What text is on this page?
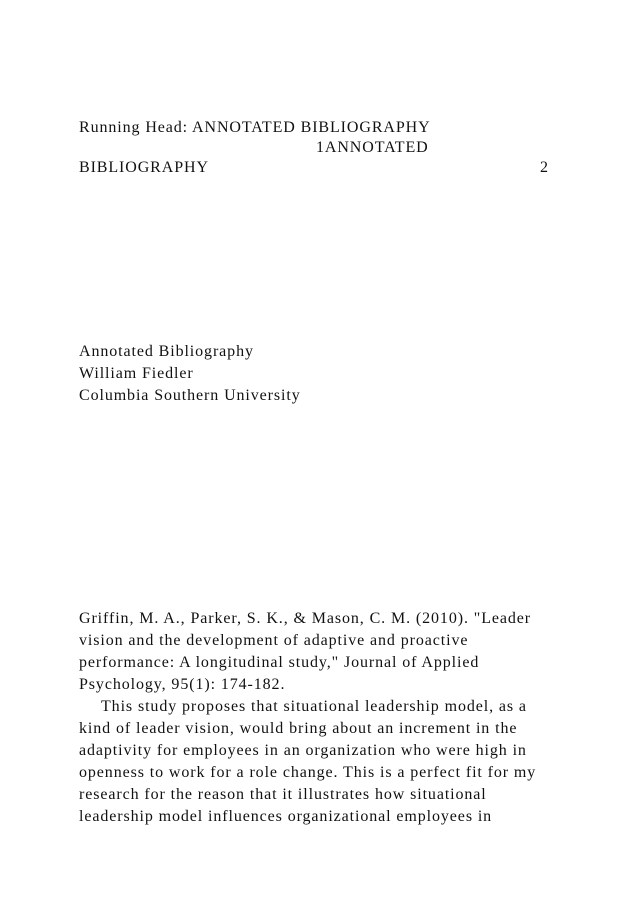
Running Head: ANNOTATED BIBLIOGRAPHY
1ANNOTATED
BIBLIOGRAPHY	2
Annotated Bibliography
William Fiedler
Columbia Southern University
Griffin, M. A., Parker, S. K., & Mason, C. M. (2010). "Leader
vision and the development of adaptive and proactive
performance: A longitudinal study," Journal of Applied
Psychology, 95(1): 174-182.
This study proposes that situational leadership model, as a
kind of leader vision, would bring about an increment in the
adaptivity for employees in an organization who were high in
openness to work for a role change. This is a perfect fit for my
research for the reason that it illustrates how situational
leadership model influences organizational employees in
